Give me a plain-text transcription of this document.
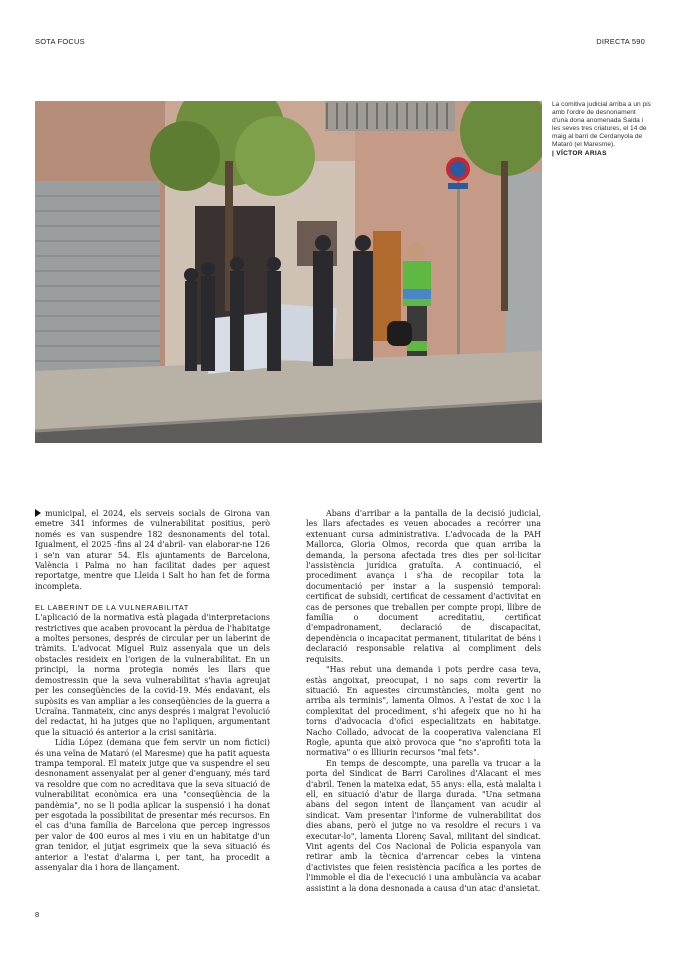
SOTA FOCUS	DIRECTA 590
La comitiva judicial arriba a un pis amb l'ordre de desnonament d'una dona anomenada Saida i les seves tres criatures, el 14 de maig al barri de Cerdanyola de Mataró (el Maresme).
| VÍCTOR ARIAS

municipal, el 2024, els serveis socials de Girona van emetre 341 informes de vulnerabilitat positius, però només es van suspendre 182 desnonaments del total. Igualment, el 2025 -fins al 24 d'abril- van elaborar-ne 126 i se'n van aturar 54. Els ajuntaments de Barcelona, València i Palma no han facilitat dades per aquest reportatge, mentre que Lleida i Salt ho han fet de forma incompleta.

EL LABERINT DE LA VULNERABILITAT

L'aplicació de la normativa està plagada d'interpretacions restrictives que acaben provocant la pèrdua de l'habitatge a moltes persones, després de circular per un laberint de tràmits. L'advocat Miguel Ruiz assenyala que un dels obstacles resideix en l'origen de la vulnerabilitat. En un principi, la norma protegia només les llars que demostressin que la seva vulnerabilitat s'havia agreujat per les conseqüències de la covid-19. Més endavant, els supòsits es van ampliar a les conseqüències de la guerra a Ucraïna. Tanmateix, cinc anys després i malgrat l'evolució del redactat, hi ha jutges que no l'apliquen, argumentant que la situació és anterior a la crisi sanitària.

Lídia López (demana que fem servir un nom fictici) és una veïna de Mataró (el Maresme) que ha patit aquesta trampa temporal. El mateix jutge que va suspendre el seu desnonament assenyalat per al gener d'enguany, més tard va resoldre que com no acreditava que la seva situació de vulnerabilitat econòmica era una "conseqüència de la pandèmia", no se li podia aplicar la suspensió i ha donat per esgotada la possibilitat de presentar més recursos. En el cas d'una família de Barcelona que percep ingressos per valor de 400 euros al mes i viu en un habitatge d'un gran tenidor, el jutjat esgrimeix que la seva situació és anterior a l'estat d'alarma i, per tant, ha procedit a assenyalar dia i hora de llançament.

Abans d'arribar a la pantalla de la decisió judicial, les llars afectades es veuen abocades a recórrer una extenuant cursa administrativa. L'advocada de la PAH Mallorca, Gloria Olmos, recorda que quan arriba la demanda, la persona afectada tres dies per sol·licitar l'assistència jurídica gratuïta. A continuació, el procediment avança i s'ha de recopilar tota la documentació per instar a la suspensió temporal: certificat de subsidi, certificat de cessament d'activitat en cas de persones que treballen per compte propi, llibre de família o document acreditatiu, certificat d'empadronament, declaració de discapacitat, dependència o incapacitat permanent, titularitat de béns i declaració responsable relativa al compliment dels requisits.

"Has rebut una demanda i pots perdre casa teva, estàs angoixat, preocupat, i no saps com revertir la situació. En aquestes circumstàncies, molta gent no arriba als terminis", lamenta Olmos. A l'estat de xoc i la complexitat del procediment, s'hi afegeix que no hi ha torns d'advocacia d'ofici especialitzats en habitatge. Nacho Collado, advocat de la cooperativa valenciana El Rogle, apunta que això provoca que "no s'aprofiti tota la normativa" o es llliurin recursos "mal fets".

En temps de descompte, una parella va trucar a la porta del Sindicat de Barri Carolines d'Alacant el mes d'abril. Tenen la mateixa edat, 55 anys: ella, està malalta i ell, en situació d'atur de llarga durada. "Una setmana abans del segon intent de llançament van acudir al sindicat. Vam presentar l'informe de vulnerabilitat dos dies abans, però el jutge no va resoldre el recurs i va executar-lo", lamenta Llorenç Saval, militant del sindicat. Vint agents del Cos Nacional de Policia espanyola van retirar amb la tècnica d'arrencar cebes la vintena d'activistes que feien resistència pacífica a les portes de l'immoble el dia de l'execució i una ambulància va acabar assistint a la dona desnonada a causa d'un atac d'ansietat.

8
